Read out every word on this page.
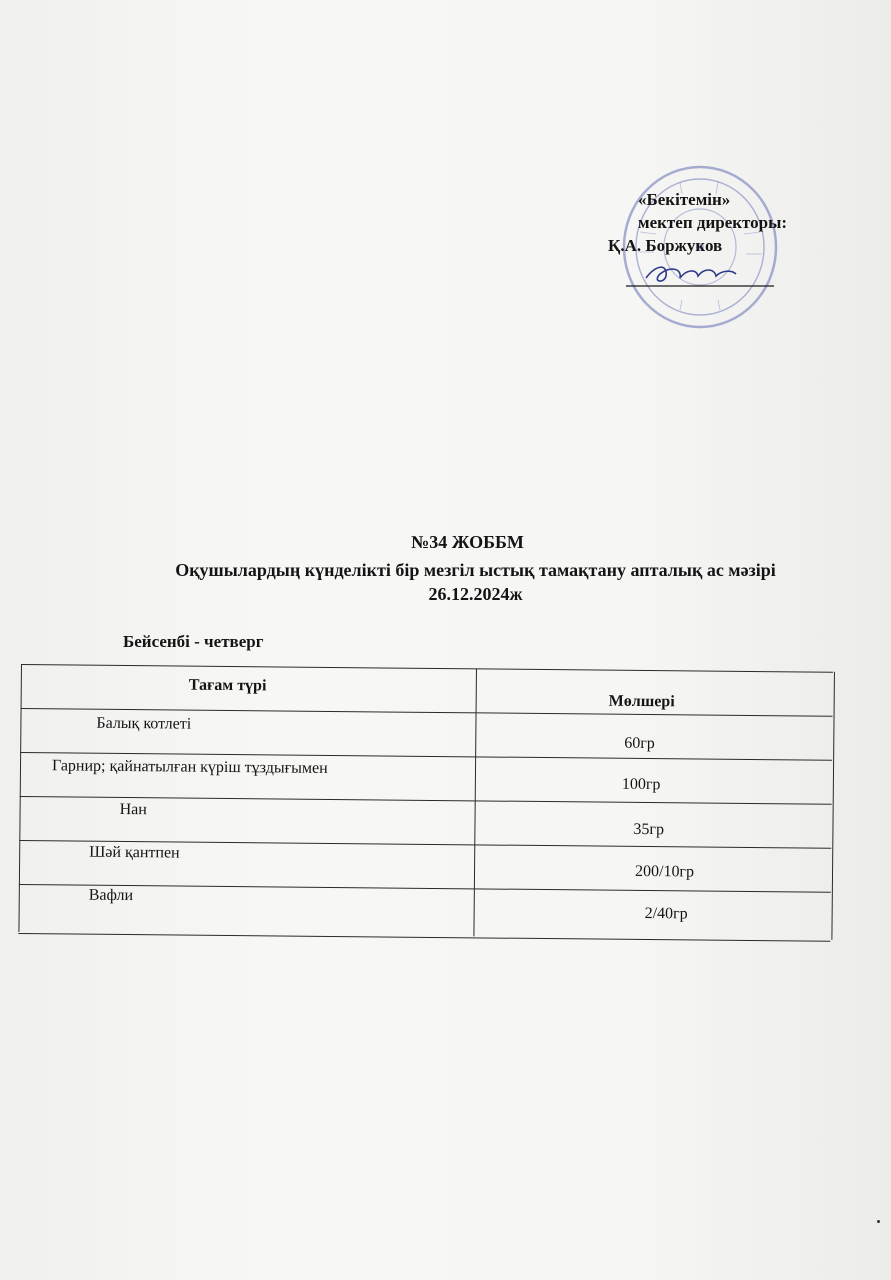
«Бекітемін»
мектеп директоры:
Қ.А. Боржуков
№34 ЖОББМ
Оқушылардың күнделікті бір мезгіл ыстық тамақтану апталық ас мәзірі
26.12.2024ж
Бейсенбі - четверг
Тағам түрі
Мөлшері
Балық котлеті
60гр
Гарнир; қайнатылған күріш тұздығымен
100гр
Нан
35гр
Шәй қантпен
200/10гр
Вафли
2/40гр
